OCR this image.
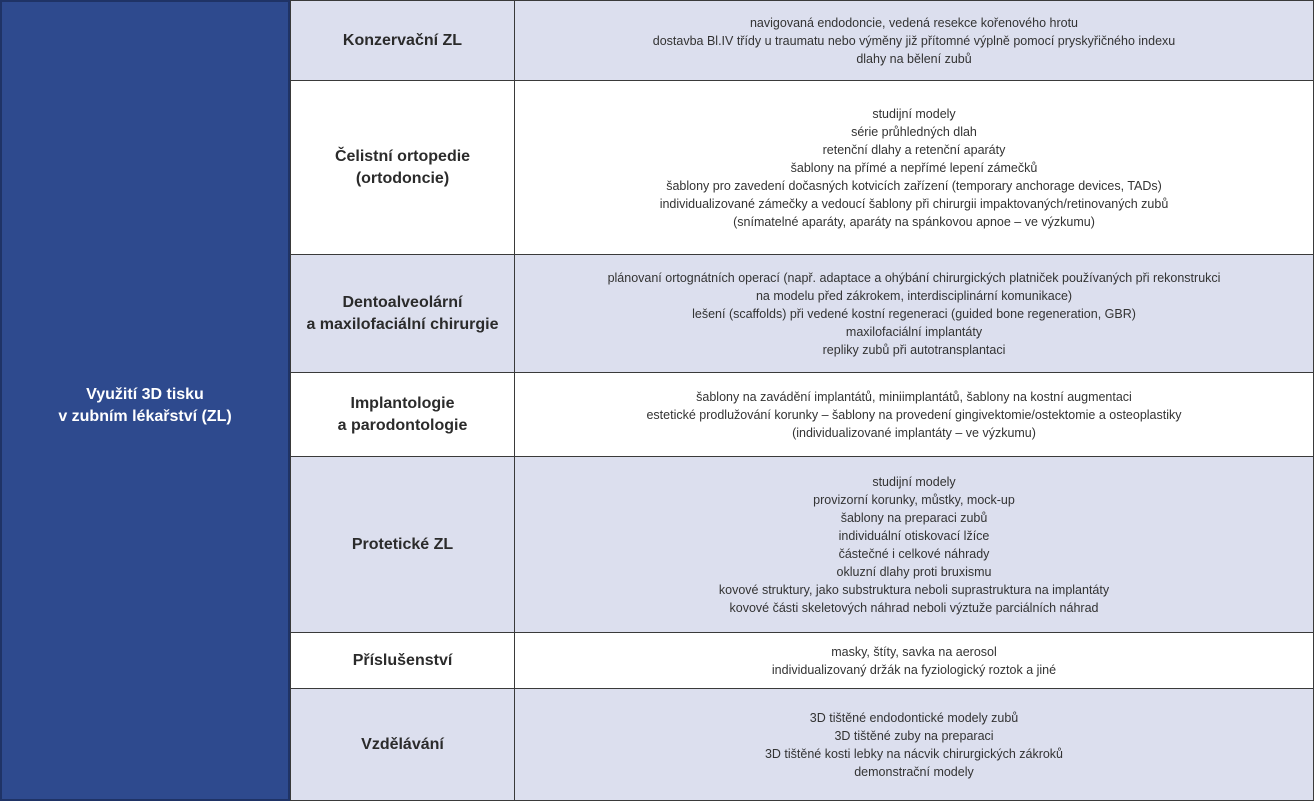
Využití 3D tisku
v zubním lékařství (ZL)
Konzervační ZL
navigovaná endodoncie, vedená resekce kořenového hrotu
dostavba Bl.IV třídy u traumatu nebo výměny již přítomné výplně pomocí pryskyřičného indexu
dlahy na bělení zubů
Čelistní ortopedie
(ortodoncie)
studijní modely
série průhledných dlah
retenční dlahy a retenční aparáty
šablony na přímé a nepřímé lepení zámečků
šablony pro zavedení dočasných kotvicích zařízení (temporary anchorage devices, TADs)
individualizované zámečky a vedoucí šablony při chirurgii impaktovaných/retinovaných zubů
(snímatelné aparáty, aparáty na spánkovou apnoe – ve výzkumu)
Dentoalveolární
a maxilofaciální chirurgie
plánovaní ortognátních operací (např. adaptace a ohýbání chirurgických platniček používaných při rekonstrukci
na modelu před zákrokem, interdisciplinární komunikace)
lešení (scaffolds) při vedené kostní regeneraci (guided bone regeneration, GBR)
maxilofaciální implantáty
repliky zubů při autotransplantaci
Implantologie
a parodontologie
šablony na zavádění implantátů, miniimplantátů, šablony na kostní augmentaci
estetické prodlužování korunky – šablony na provedení gingivektomie/ostektomie a osteoplastiky
(individualizované implantáty – ve výzkumu)
Protetické ZL
studijní modely
provizorní korunky, můstky, mock-up
šablony na preparaci zubů
individuální otiskovací lžíce
částečné i celkové náhrady
okluzní dlahy proti bruxismu
kovové struktury, jako substruktura neboli suprastruktura na implantáty
kovové části skeletových náhrad neboli výztuže parciálních náhrad
Příslušenství	masky, štíty, savka na aerosol
individualizovaný držák na fyziologický roztok a jiné
Vzdělávání
3D tištěné endodontické modely zubů
3D tištěné zuby na preparaci
3D tištěné kosti lebky na nácvik chirurgických zákroků
demonstrační modely
